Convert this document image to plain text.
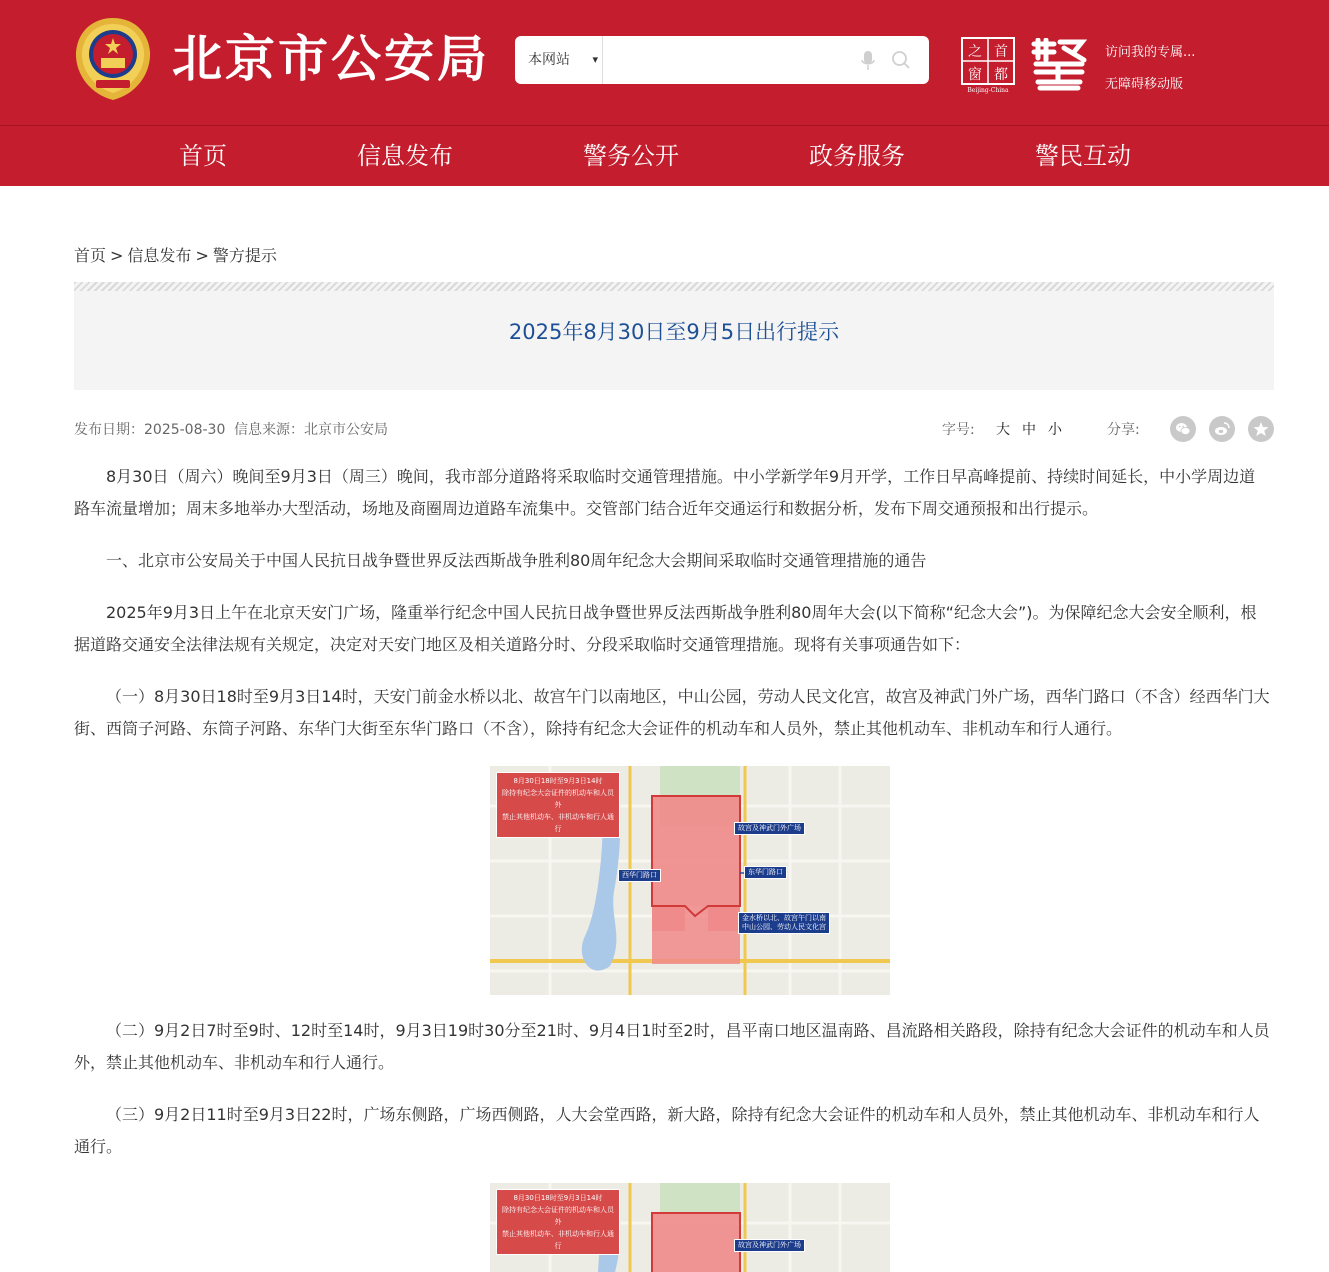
北京市公安局	本网站 ▾	之 首
窗 都
Beijing-China
访问我的专属...
无障碍移动版
首页	信息发布	警务公开	政务服务	警民互动
首页 > 信息发布 > 警方提示
2025年8月30日至9月5日出行提示
发布日期：2025-08-30 信息来源：北京市公安局	字号: 大 中 小	分享:
8月30日（周六）晚间至9月3日（周三）晚间，我市部分道路将采取临时交通管理措施。中小学新学年9月开学，工作日早高峰提前、持续时间延长，中小学周边道路车流量增加；周末多地举办大型活动，场地及商圈周边道路车流集中。交管部门结合近年交通运行和数据分析，发布下周交通预报和出行提示。
一、北京市公安局关于中国人民抗日战争暨世界反法西斯战争胜利80周年纪念大会期间采取临时交通管理措施的通告
2025年9月3日上午在北京天安门广场，隆重举行纪念中国人民抗日战争暨世界反法西斯战争胜利80周年大会(以下简称“纪念大会”)。为保障纪念大会安全顺利，根据道路交通安全法律法规有关规定，决定对天安门地区及相关道路分时、分段采取临时交通管理措施。现将有关事项通告如下：
（一）8月30日18时至9月3日14时，天安门前金水桥以北、故宫午门以南地区，中山公园，劳动人民文化宫，故宫及神武门外广场，西华门路口（不含）经西华门大街、西筒子河路、东筒子河路、东华门大街至东华门路口（不含），除持有纪念大会证件的机动车和人员外，禁止其他机动车、非机动车和行人通行。
8月30日18时至9月3日14时
除持有纪念大会证件的机动车和人员外
禁止其他机动车、非机动车和行人通行	故宫及神武门外广场
东华门路口
西华门路口
金水桥以北、故宫午门以南
中山公园、劳动人民文化宫
（二）9月2日7时至9时、12时至14时，9月3日19时30分至21时、9月4日1时至2时，昌平南口地区温南路、昌流路相关路段，除持有纪念大会证件的机动车和人员外，禁止其他机动车、非机动车和行人通行。
（三）9月2日11时至9月3日22时，广场东侧路，广场西侧路，人大会堂西路，新大路，除持有纪念大会证件的机动车和人员外，禁止其他机动车、非机动车和行人通行。
8月30日18时至9月3日14时
除持有纪念大会证件的机动车和人员外
禁止其他机动车、非机动车和行人通行	故宫及神武门外广场
